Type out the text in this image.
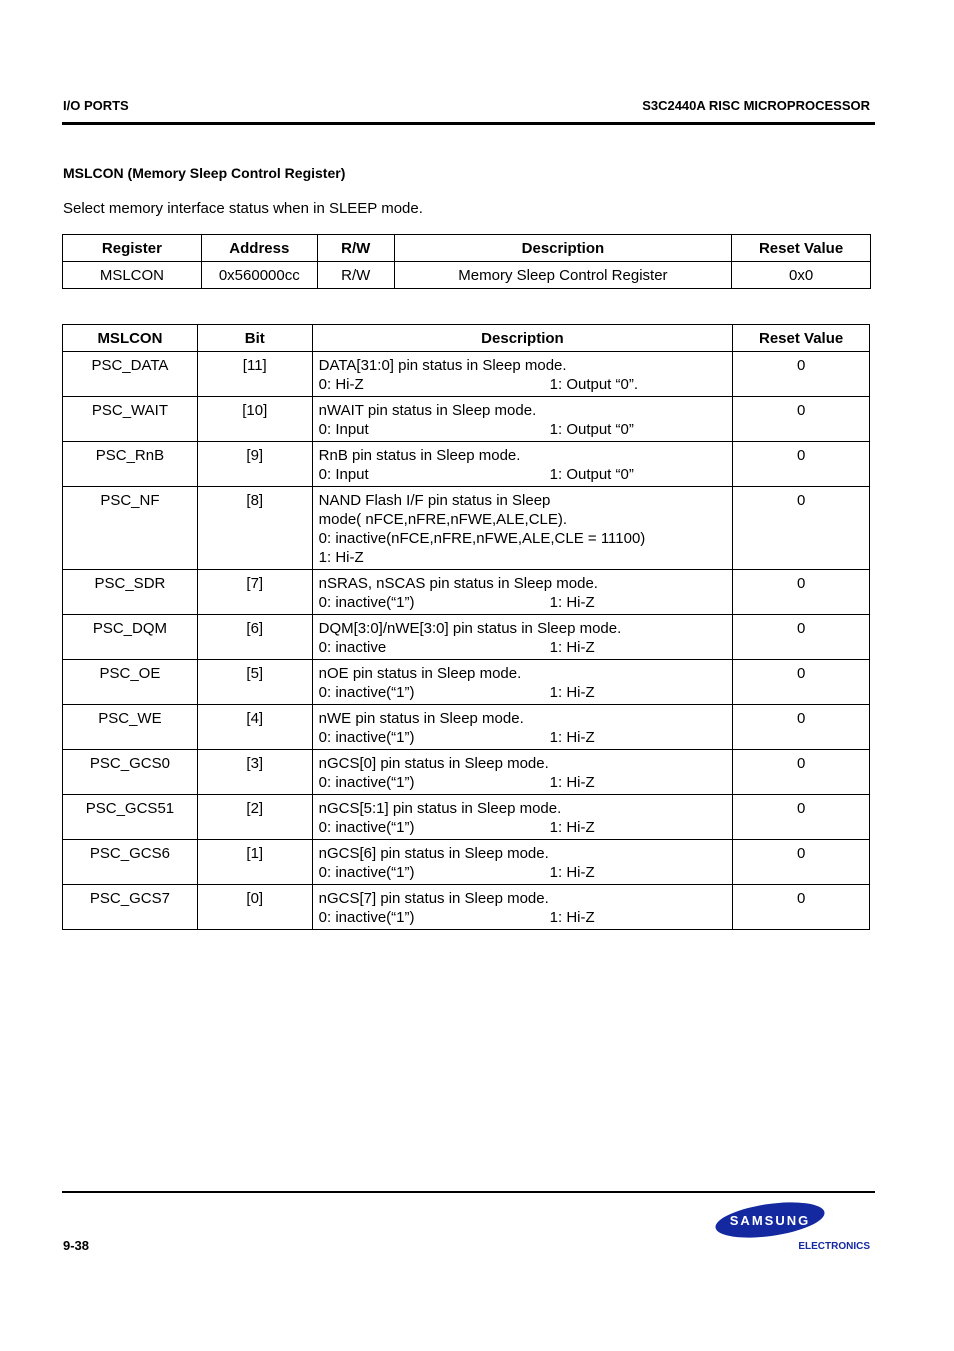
I/O PORTS	S3C2440A RISC MICROPROCESSOR
MSLCON (Memory Sleep Control Register)
Select memory interface status when in SLEEP mode.
Register	Address	R/W	Description	Reset Value
MSLCON	0x560000cc	R/W	Memory Sleep Control Register	0x0
MSLCON	Bit	Description	Reset Value
PSC_DATA	[11]	DATA[31:0] pin status in Sleep mode.
0: Hi-Z 1: Output “0”.	0
PSC_WAIT	[10]	nWAIT pin status in Sleep mode.
0: Input 1: Output “0”	0
PSC_RnB	[9]	RnB pin status in Sleep mode.
0: Input 1: Output “0”	0
PSC_NF	[8]	NAND Flash I/F pin status in Sleep
mode( nFCE,nFRE,nFWE,ALE,CLE).
0: inactive(nFCE,nFRE,nFWE,ALE,CLE = 11100)
1: Hi-Z	0
PSC_SDR	[7]	nSRAS, nSCAS pin status in Sleep mode.
0: inactive(“1”) 1: Hi-Z	0
PSC_DQM	[6]	DQM[3:0]/nWE[3:0] pin status in Sleep mode.
0: inactive 1: Hi-Z	0
PSC_OE	[5]	nOE pin status in Sleep mode.
0: inactive(“1”) 1: Hi-Z	0
PSC_WE	[4]	nWE pin status in Sleep mode.
0: inactive(“1”) 1: Hi-Z	0
PSC_GCS0	[3]	nGCS[0] pin status in Sleep mode.
0: inactive(“1”) 1: Hi-Z	0
PSC_GCS51	[2]	nGCS[5:1] pin status in Sleep mode.
0: inactive(“1”) 1: Hi-Z	0
PSC_GCS6	[1]	nGCS[6] pin status in Sleep mode.
0: inactive(“1”) 1: Hi-Z	0
PSC_GCS7	[0]	nGCS[7] pin status in Sleep mode.
0: inactive(“1”) 1: Hi-Z	0
9-38
SAMSUNG
ELECTRONICS
